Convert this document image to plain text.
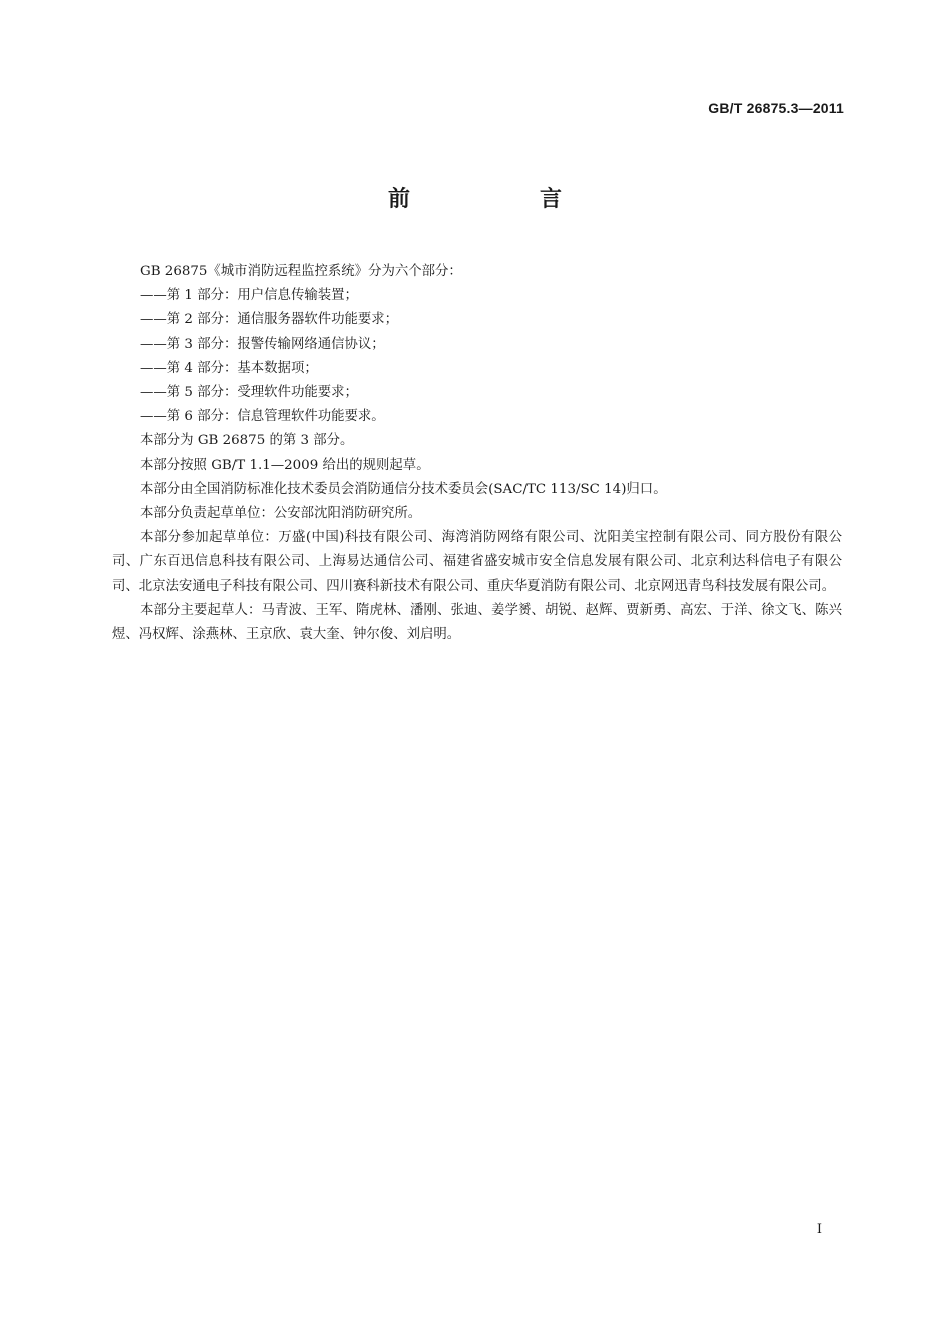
GB/T 26875.3—2011
前　言

GB 26875《城市消防远程监控系统》分为六个部分：

——第 1 部分：用户信息传输装置；

——第 2 部分：通信服务器软件功能要求；

——第 3 部分：报警传输网络通信协议；

——第 4 部分：基本数据项；

——第 5 部分：受理软件功能要求；

——第 6 部分：信息管理软件功能要求。

本部分为 GB 26875 的第 3 部分。

本部分按照 GB/T 1.1—2009 给出的规则起草。

本部分由全国消防标准化技术委员会消防通信分技术委员会(SAC/TC 113/SC 14)归口。

本部分负责起草单位：公安部沈阳消防研究所。

本部分参加起草单位：万盛(中国)科技有限公司、海湾消防网络有限公司、沈阳美宝控制有限公司、同方股份有限公司、广东百迅信息科技有限公司、上海易达通信公司、福建省盛安城市安全信息发展有限公司、北京利达科信电子有限公司、北京法安通电子科技有限公司、四川赛科新技术有限公司、重庆华夏消防有限公司、北京网迅青鸟科技发展有限公司。

本部分主要起草人：马青波、王军、隋虎林、潘刚、张迪、姜学赟、胡锐、赵辉、贾新勇、高宏、于洋、徐文飞、陈兴煜、冯权辉、涂燕林、王京欣、袁大奎、钟尔俊、刘启明。

I
